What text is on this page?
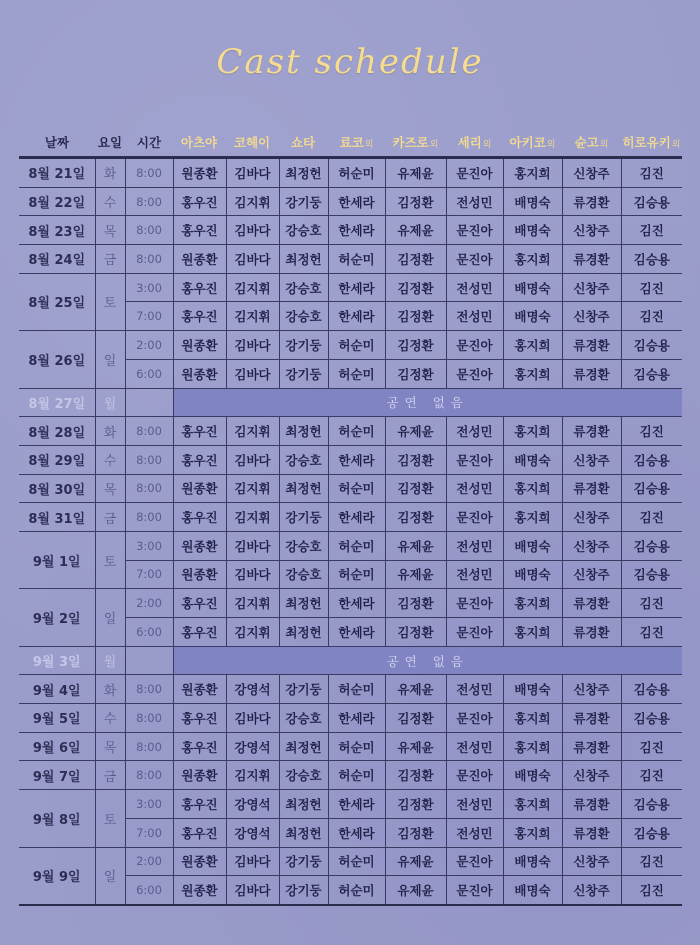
Cast schedule
날짜	요일	시간	아츠야	코헤이	쇼타	료코외	카즈로외	세리외	아키코외	슌고외	히로유키외
8월 21일	화	8:00	원종환	김바다	최정헌	허순미	유제윤	문진아	홍지희	신창주	김진
8월 22일	수	8:00	홍우진	김지휘	강기둥	한세라	김정환	전성민	배명숙	류경환	김승용
8월 23일	목	8:00	홍우진	김바다	강승호	한세라	유제윤	문진아	배명숙	신창주	김진
8월 24일	금	8:00	원종환	김바다	최정헌	허순미	김정환	문진아	홍지희	류경환	김승용
8월 25일	토	3:00	홍우진	김지휘	강승호	한세라	김정환	전성민	배명숙	신창주	김진
		7:00	홍우진	김지휘	강승호	한세라	김정환	전성민	배명숙	신창주	김진
8월 26일	일	2:00	원종환	김바다	강기둥	허순미	김정환	문진아	홍지희	류경환	김승용
		6:00	원종환	김바다	강기둥	허순미	김정환	문진아	홍지희	류경환	김승용
8월 27일	월		공연 없음								
8월 28일	화	8:00	홍우진	김지휘	최정헌	허순미	유제윤	전성민	홍지희	류경환	김진
8월 29일	수	8:00	홍우진	김바다	강승호	한세라	김정환	문진아	배명숙	신창주	김승용
8월 30일	목	8:00	원종환	김지휘	최정헌	허순미	김정환	전성민	홍지희	류경환	김승용
8월 31일	금	8:00	홍우진	김지휘	강기둥	한세라	김정환	문진아	홍지희	신창주	김진
9월 1일	토	3:00	원종환	김바다	강승호	허순미	유제윤	전성민	배명숙	신창주	김승용
		7:00	원종환	김바다	강승호	허순미	유제윤	전성민	배명숙	신창주	김승용
9월 2일	일	2:00	홍우진	김지휘	최정헌	한세라	김정환	문진아	홍지희	류경환	김진
		6:00	홍우진	김지휘	최정헌	한세라	김정환	문진아	홍지희	류경환	김진
9월 3일	월		공연 없음								
9월 4일	화	8:00	원종환	강영석	강기둥	허순미	유제윤	전성민	배명숙	신창주	김승용
9월 5일	수	8:00	홍우진	김바다	강승호	한세라	김정환	문진아	홍지희	류경환	김승용
9월 6일	목	8:00	홍우진	강영석	최정헌	허순미	유제윤	전성민	홍지희	류경환	김진
9월 7일	금	8:00	원종환	김지휘	강승호	허순미	김정환	문진아	배명숙	신창주	김진
9월 8일	토	3:00	홍우진	강영석	최정헌	한세라	김정환	전성민	홍지희	류경환	김승용
		7:00	홍우진	강영석	최정헌	한세라	김정환	전성민	홍지희	류경환	김승용
9월 9일	일	2:00	원종환	김바다	강기둥	허순미	유제윤	문진아	배명숙	신창주	김진
		6:00	원종환	김바다	강기둥	허순미	유제윤	문진아	배명숙	신창주	김진
